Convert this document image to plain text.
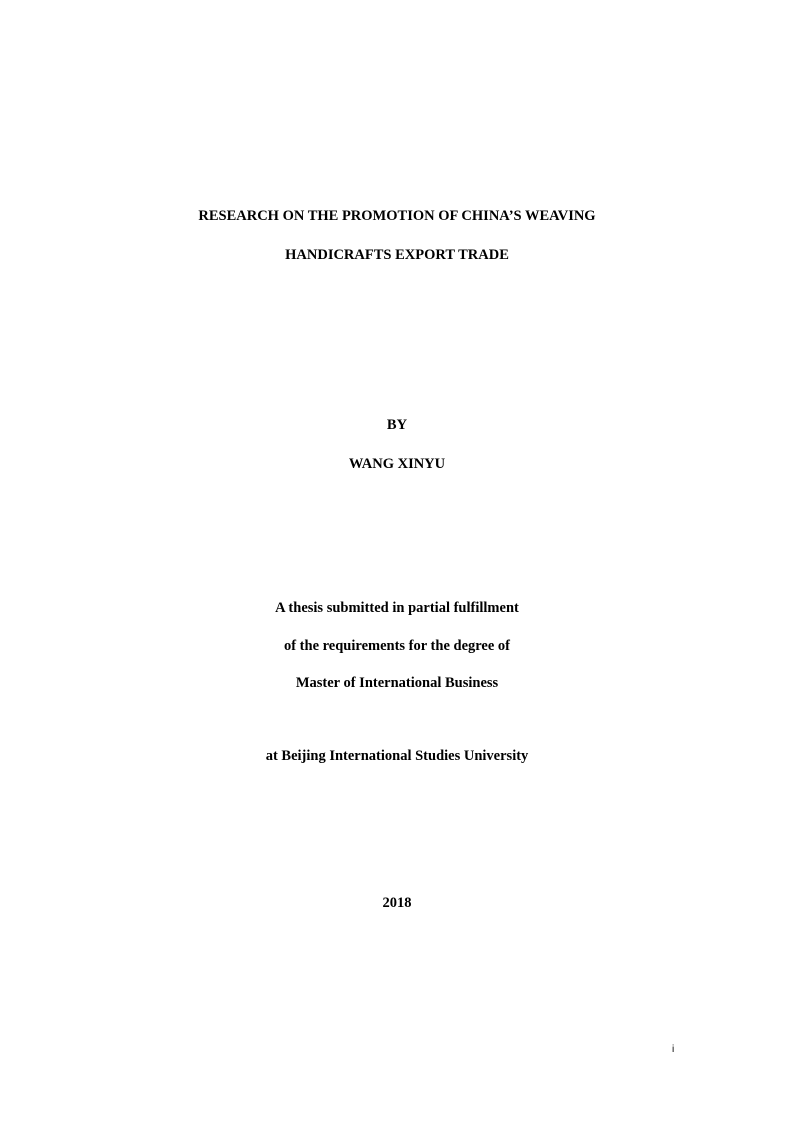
RESEARCH ON THE PROMOTION OF CHINA’S WEAVING
HANDICRAFTS EXPORT TRADE
BY
WANG XINYU
A thesis submitted in partial fulfillment
of the requirements for the degree of
Master of International Business
at Beijing International Studies University
2018
i
